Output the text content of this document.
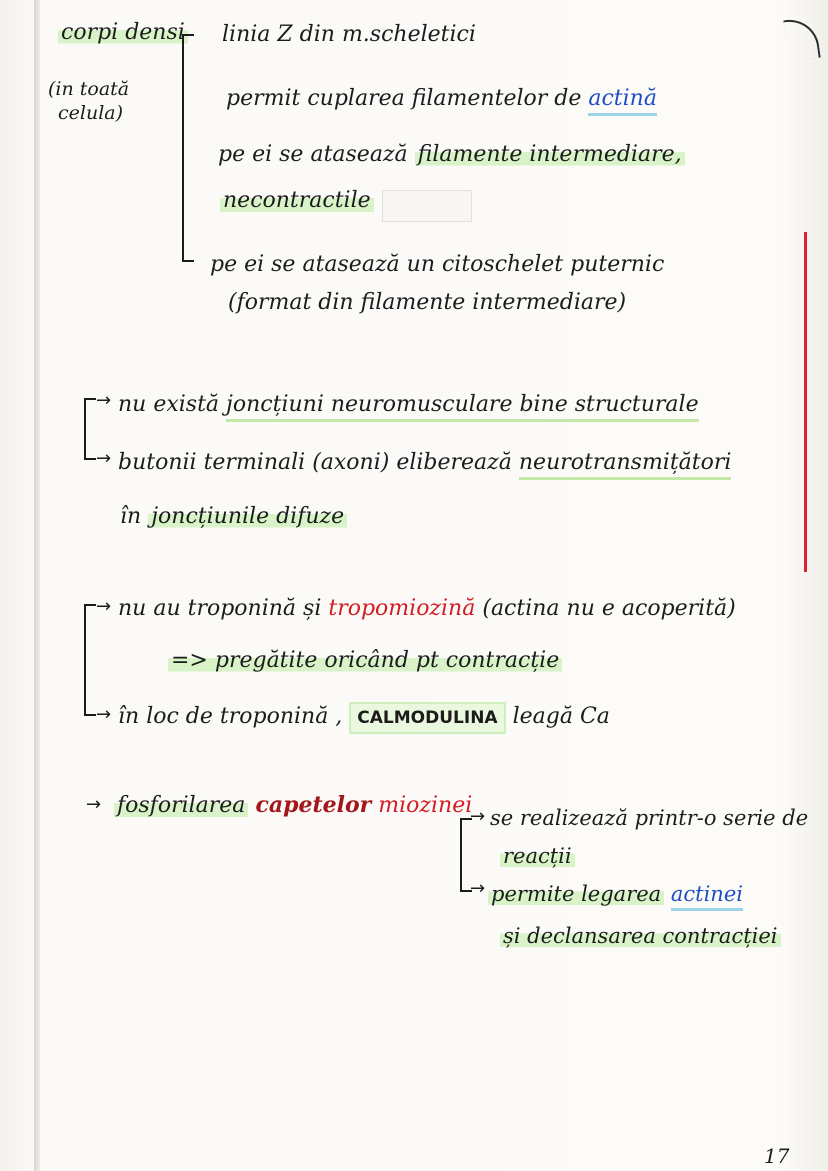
corpi densi
(in toată
celula)
linia Z din m.scheletici
permit cuplarea filamentelor de actină
pe ei se atasează filamente intermediare,
necontractile
pe ei se atasează un citoschelet puternic
(format din filamente intermediare)
→
→
nu există joncțiuni neuromusculare bine structurale
butonii terminali (axoni) eliberează neurotransmițători
în joncțiunile difuze
→
→
nu au troponină și tropomiozină (actina nu e acoperită)
=> pregătite oricând pt contracție
în loc de troponină , CALMODULINA leagă Ca
→ fosforilarea capetelor miozinei
→
→
se realizează printr-o serie de
reacții
permite legarea actinei
și declansarea contracției
17
